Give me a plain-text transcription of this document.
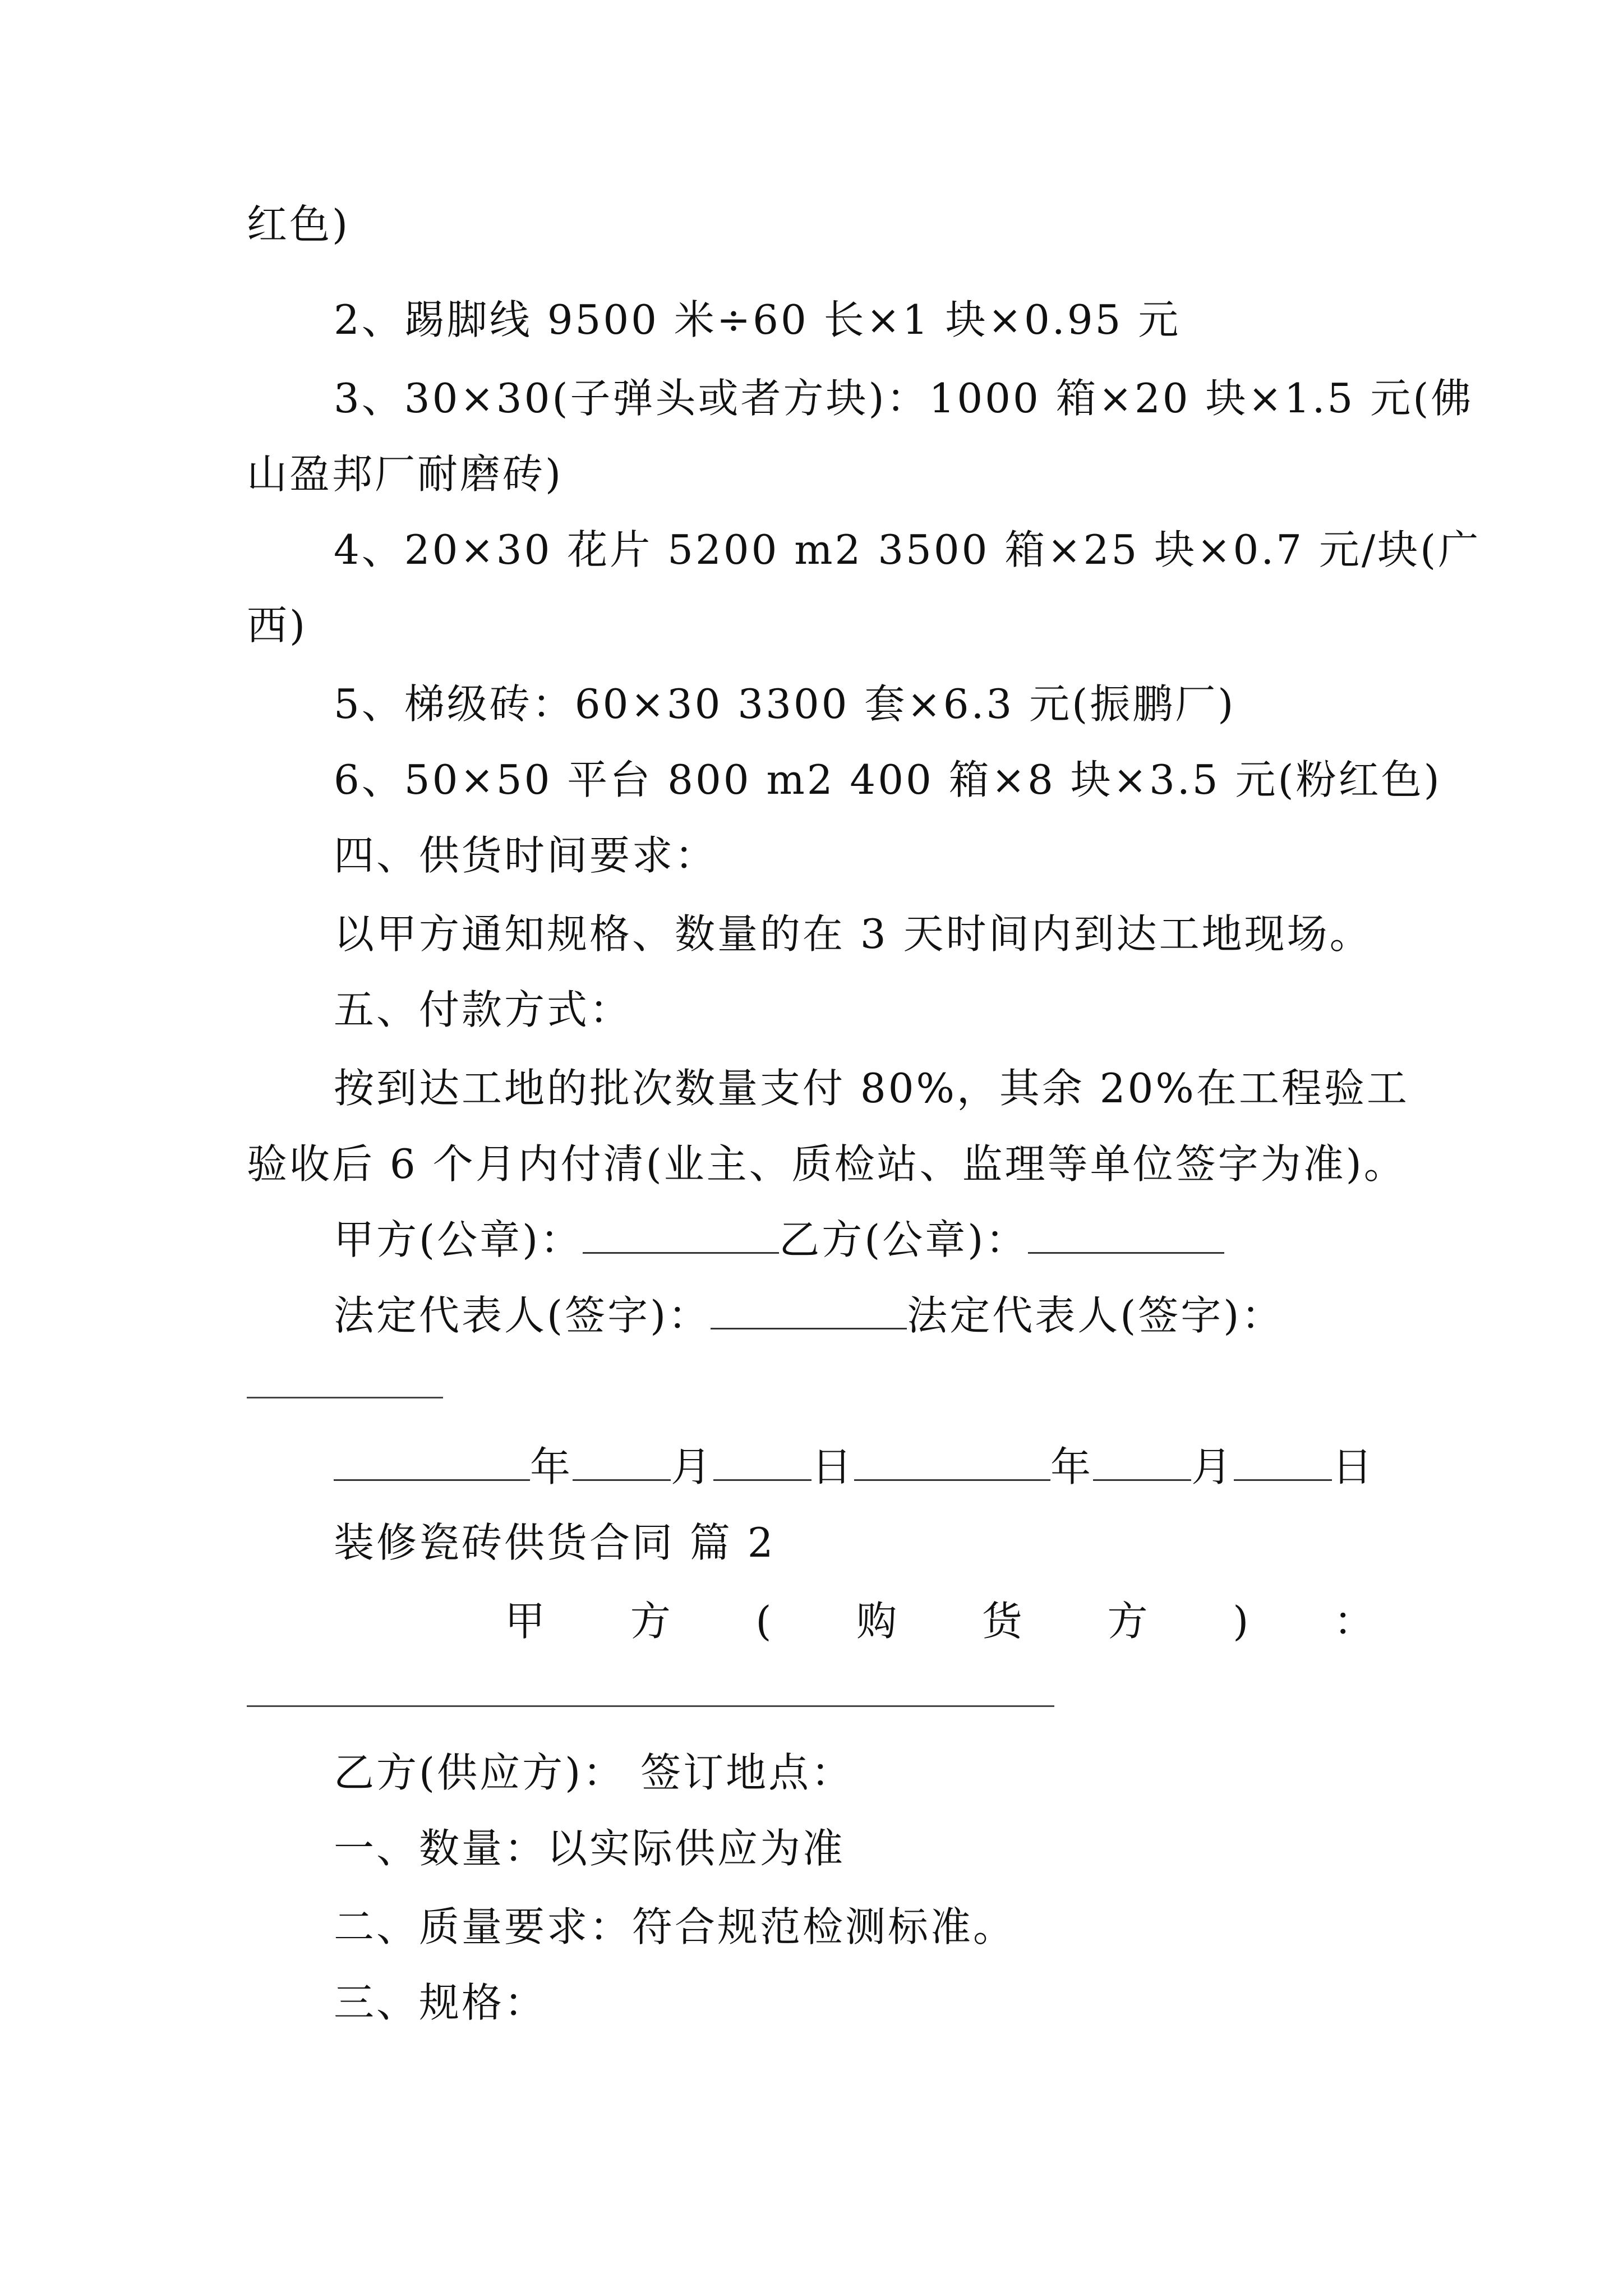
红色)
2、踢脚线 9500 米÷60 长×1 块×0.95 元
3、30×30(子弹头或者方块)：1000 箱×20 块×1.5 元(佛
山盈邦厂耐磨砖)
4、20×30 花片 5200 m2 3500 箱×25 块×0.7 元/块(广
西)
5、梯级砖：60×30 3300 套×6.3 元(振鹏厂)
6、50×50 平台 800 m2 400 箱×8 块×3.5 元(粉红色)
四、供货时间要求：
以甲方通知规格、数量的在 3 天时间内到达工地现场。
五、付款方式：
按到达工地的批次数量支付 80%，其余 20%在工程验工
验收后 6 个月内付清(业主、质检站、监理等单位签字为准)。
甲方(公章)：	乙方(公章)：
法定代表人(签字)：	法定代表人(签字)：
年 月 日	年 月 日
装修瓷砖供货合同 篇 2
甲 方 ( 购 货 方 ) ：
乙方(供应方)： 签订地点：
一、数量：以实际供应为准
二、质量要求：符合规范检测标准。
三、规格：
